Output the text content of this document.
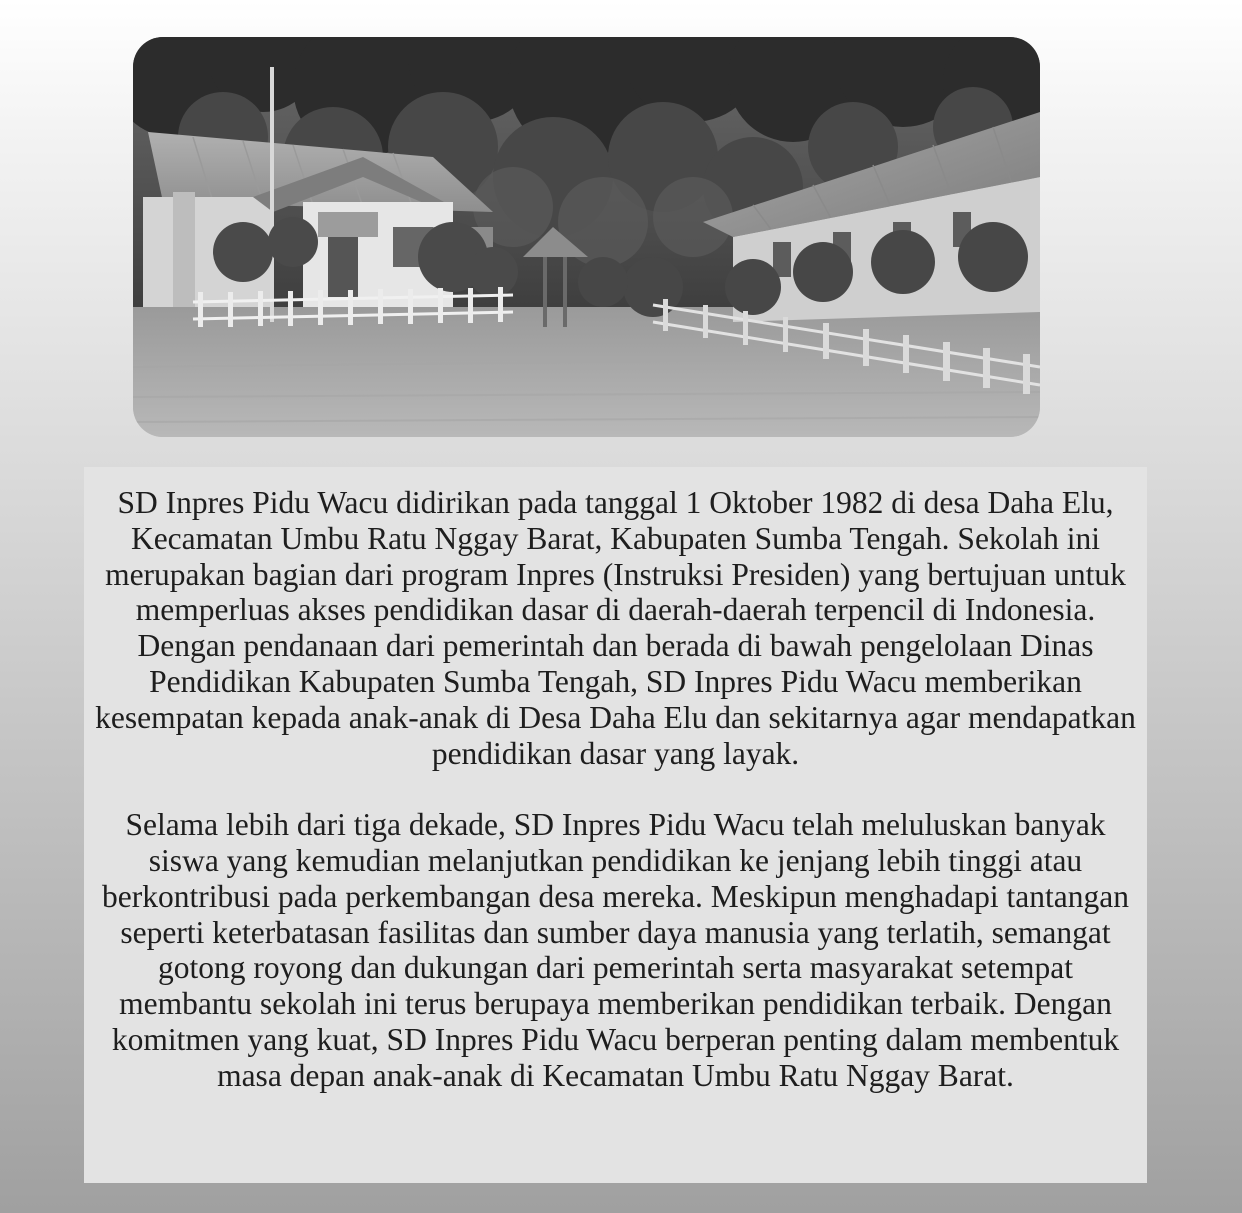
SD Inpres Pidu Wacu didirikan pada tanggal 1 Oktober 1982 di desa Daha Elu, Kecamatan Umbu Ratu Nggay Barat, Kabupaten Sumba Tengah. Sekolah ini merupakan bagian dari program Inpres (Instruksi Presiden) yang bertujuan untuk memperluas akses pendidikan dasar di daerah-daerah terpencil di Indonesia. Dengan pendanaan dari pemerintah dan berada di bawah pengelolaan Dinas Pendidikan Kabupaten Sumba Tengah, SD Inpres Pidu Wacu memberikan kesempatan kepada anak-anak di Desa Daha Elu dan sekitarnya agar mendapatkan pendidikan dasar yang layak.

Selama lebih dari tiga dekade, SD Inpres Pidu Wacu telah meluluskan banyak siswa yang kemudian melanjutkan pendidikan ke jenjang lebih tinggi atau berkontribusi pada perkembangan desa mereka. Meskipun menghadapi tantangan seperti keterbatasan fasilitas dan sumber daya manusia yang terlatih, semangat gotong royong dan dukungan dari pemerintah serta masyarakat setempat membantu sekolah ini terus berupaya memberikan pendidikan terbaik. Dengan komitmen yang kuat, SD Inpres Pidu Wacu berperan penting dalam membentuk masa depan anak-anak di Kecamatan Umbu Ratu Nggay Barat.
